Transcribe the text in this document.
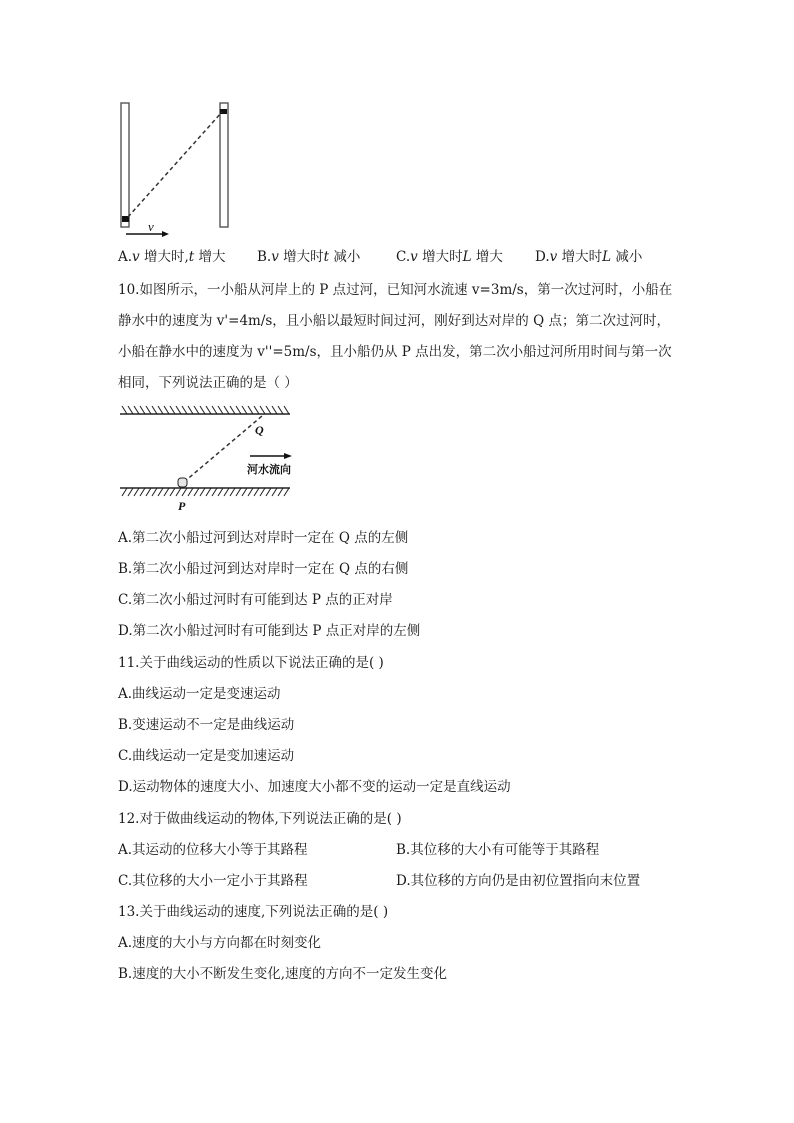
v
A.v 增大时,t 增大 B.v 增大时t 减小	C.v 增大时L 增大 D.v 增大时L 减小
10.如图所示，一小船从河岸上的 P 点过河，已知河水流速 v=3m/s，第一次过河时，小船在
静水中的速度为 v'=4m/s，且小船以最短时间过河，刚好到达对岸的 Q 点；第二次过河时，
小船在静水中的速度为 v''=5m/s，且小船仍从 P 点出发，第二次小船过河所用时间与第一次
相同，下列说法正确的是（ ）
P
Q
河水流向
A.第二次小船过河到达对岸时一定在 Q 点的左侧
B.第二次小船过河到达对岸时一定在 Q 点的右侧
C.第二次小船过河时有可能到达 P 点的正对岸
D.第二次小船过河时有可能到达 P 点正对岸的左侧
11.关于曲线运动的性质以下说法正确的是( )
A.曲线运动一定是变速运动
B.变速运动不一定是曲线运动
C.曲线运动一定是变加速运动
D.运动物体的速度大小、加速度大小都不变的运动一定是直线运动
12.对于做曲线运动的物体,下列说法正确的是( )
A.其运动的位移大小等于其路程	B.其位移的大小有可能等于其路程
C.其位移的大小一定小于其路程	D.其位移的方向仍是由初位置指向末位置
13.关于曲线运动的速度,下列说法正确的是( )
A.速度的大小与方向都在时刻变化
B.速度的大小不断发生变化,速度的方向不一定发生变化
